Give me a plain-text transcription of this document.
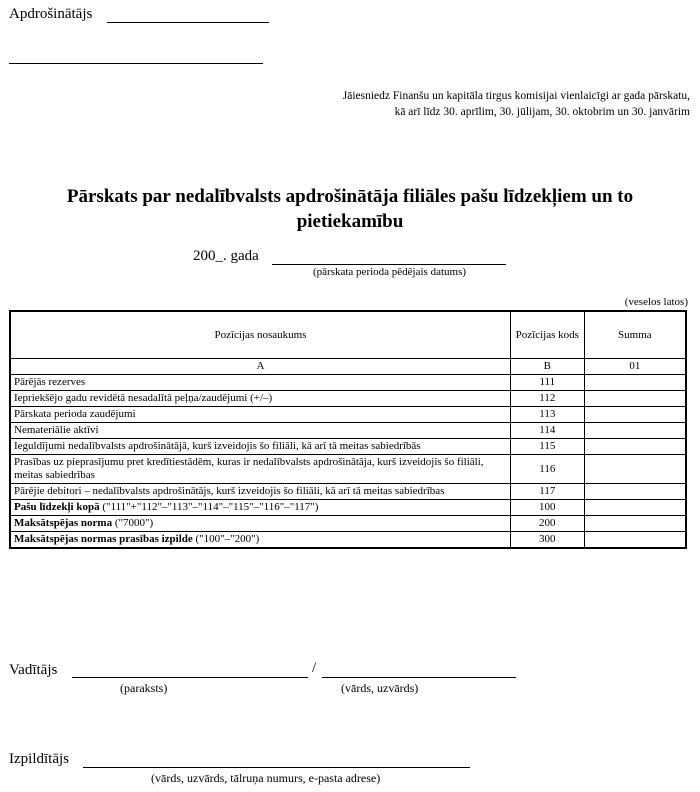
Apdrošinātājs
Jāiesniedz Finanšu un kapitāla tirgus komisijai vienlaicīgi ar gada pārskatu,
kā arī līdz 30. aprīlim, 30. jūlijam, 30. oktobrim un 30. janvārim
Pārskats par nedalībvalsts apdrošinātāja filiāles pašu līdzekļiem un to
pietiekamību
200_. gada
(pārskata perioda pēdējais datums)
(veselos latos)
Pozīcijas nosaukums	Pozīcijas kods	Summa
A	B	01
Pārējās rezerves	111	
Iepriekšējo gadu revidētā nesadalītā peļņa/zaudējumi (+/–)	112	
Pārskata perioda zaudējumi	113	
Nemateriālie aktīvi	114	
Ieguldījumi nedalībvalsts apdrošinātājā, kurš izveidojis šo filiāli, kā arī tā meitas sabiedrībās	115	
Prasības uz pieprasījumu pret kredītiestādēm, kuras ir nedalībvalsts apdrošinātāja, kurš izveidojis šo filiāli, meitas sabiedrības	116	
Pārējie debitori – nedalībvalsts apdrošinātājs, kurš izveidojis šo filiāli, kā arī tā meitas sabiedrības	117	
Pašu līdzekļi kopā ("111"+"112"–"113"–"114"–"115"–"116"–"117")	100	
Maksātspējas norma ("7000")	200	
Maksātspējas normas prasības izpilde ("100"–"200")	300	
Vadītājs	/
(paraksts)	(vārds, uzvārds)
Izpildītājs
(vārds, uzvārds, tālruņa numurs, e-pasta adrese)
